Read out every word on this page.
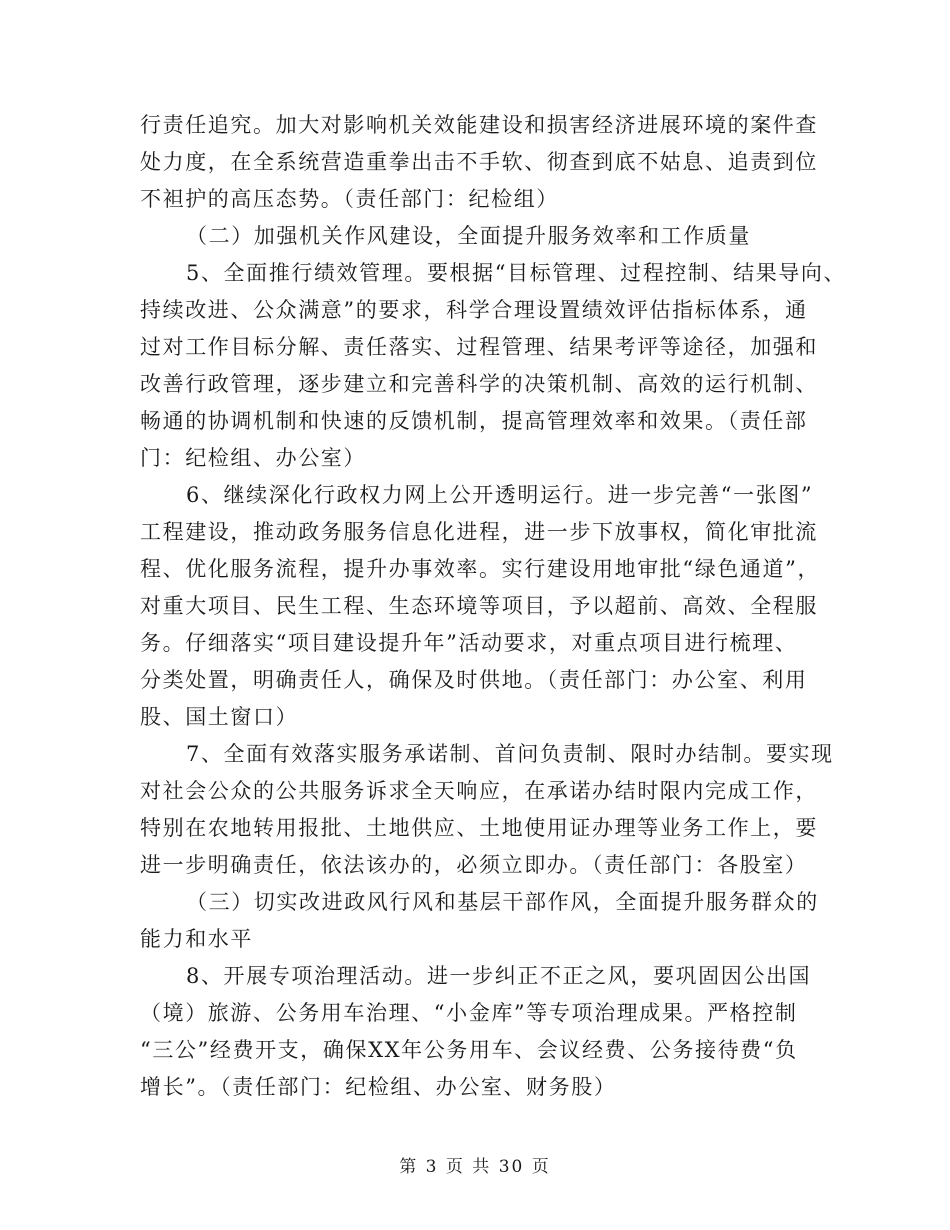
行责任追究。加大对影响机关效能建设和损害经济进展环境的案件查
处力度，在全系统营造重拳出击不手软、彻查到底不姑息、追责到位
不袒护的高压态势。（责任部门：纪检组）
（二）加强机关作风建设，全面提升服务效率和工作质量
5、全面推行绩效管理。要根据“目标管理、过程控制、结果导向、
持续改进、公众满意”的要求，科学合理设置绩效评估指标体系，通
过对工作目标分解、责任落实、过程管理、结果考评等途径，加强和
改善行政管理，逐步建立和完善科学的决策机制、高效的运行机制、
畅通的协调机制和快速的反馈机制，提高管理效率和效果。（责任部
门：纪检组、办公室）
6、继续深化行政权力网上公开透明运行。进一步完善“一张图”
工程建设，推动政务服务信息化进程，进一步下放事权，简化审批流
程、优化服务流程，提升办事效率。实行建设用地审批“绿色通道”，
对重大项目、民生工程、生态环境等项目，予以超前、高效、全程服
务。仔细落实“项目建设提升年”活动要求，对重点项目进行梳理、
分类处置，明确责任人，确保及时供地。（责任部门：办公室、利用
股、国土窗口）
7、全面有效落实服务承诺制、首问负责制、限时办结制。要实现
对社会公众的公共服务诉求全天响应，在承诺办结时限内完成工作，
特别在农地转用报批、土地供应、土地使用证办理等业务工作上，要
进一步明确责任，依法该办的，必须立即办。（责任部门：各股室）
（三）切实改进政风行风和基层干部作风，全面提升服务群众的
能力和水平
8、开展专项治理活动。进一步纠正不正之风，要巩固因公出国
（境）旅游、公务用车治理、“小金库”等专项治理成果。严格控制
“三公”经费开支，确保XX年公务用车、会议经费、公务接待费“负
增长”。（责任部门：纪检组、办公室、财务股）
第 3 页 共 30 页
